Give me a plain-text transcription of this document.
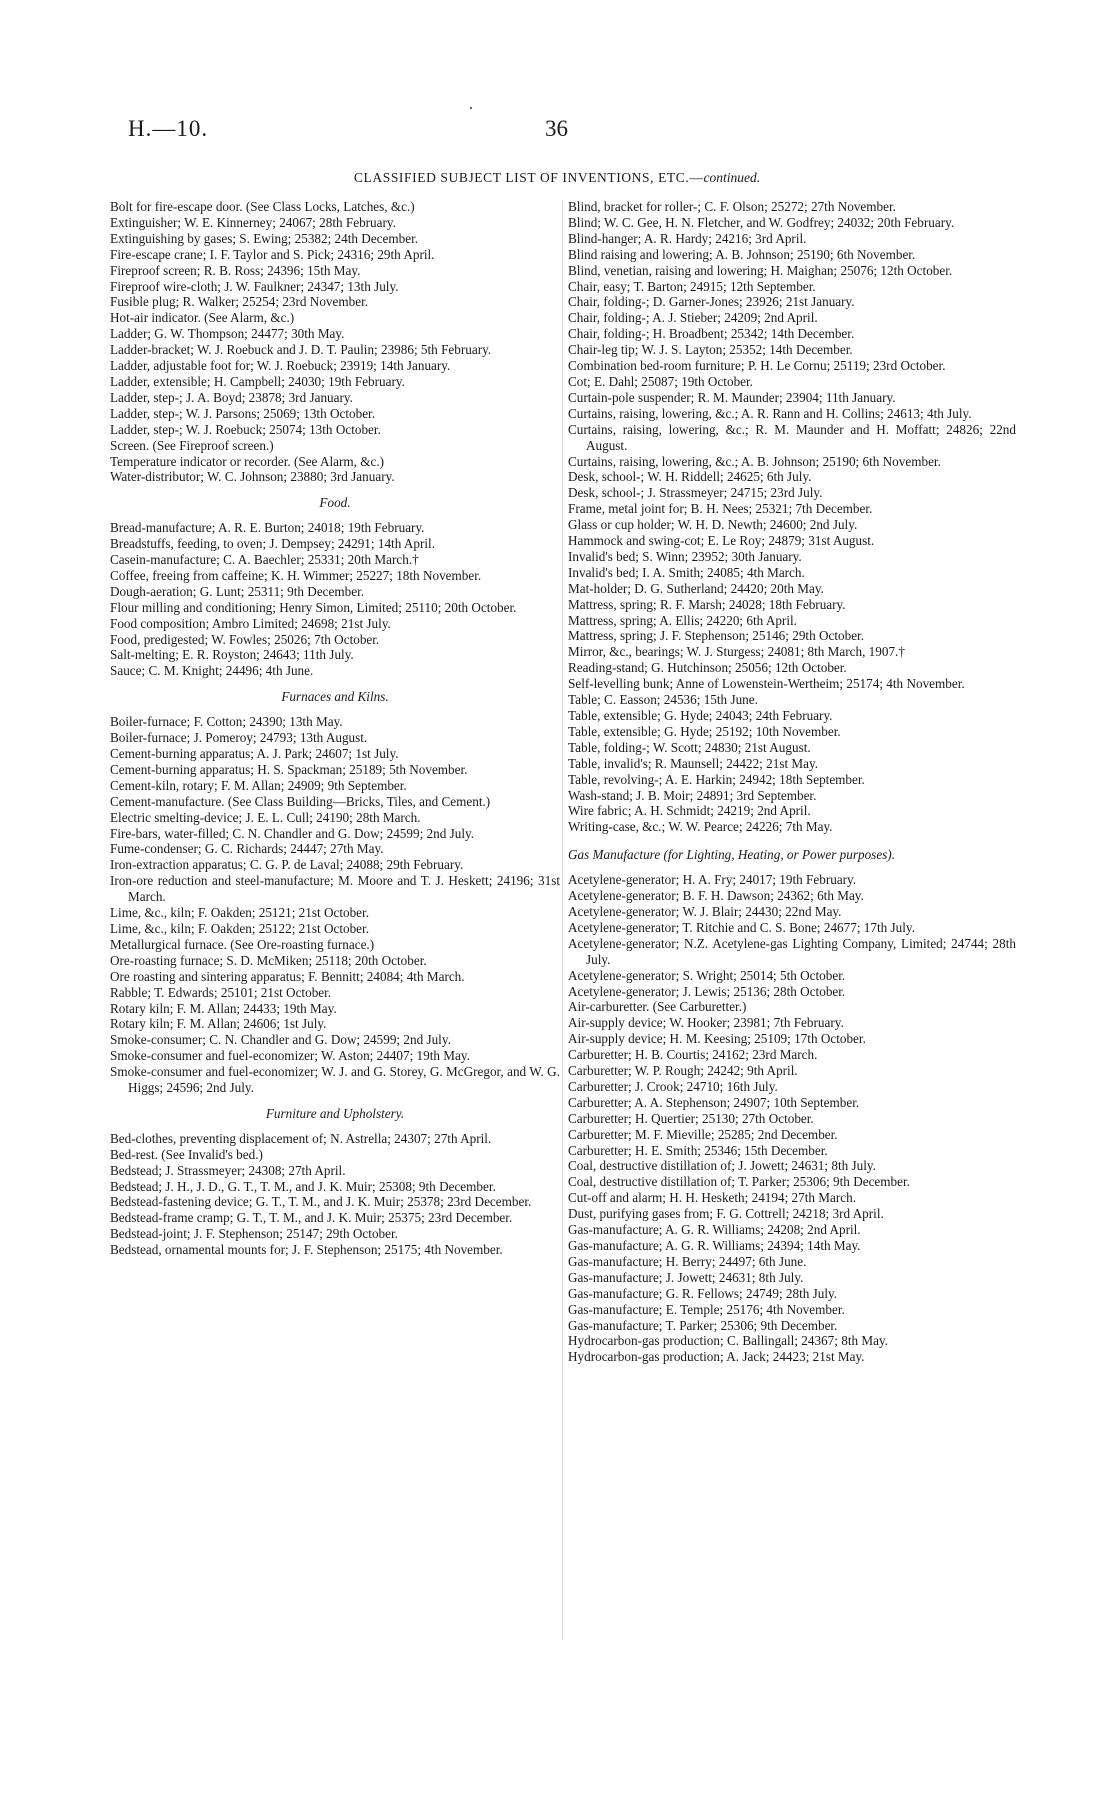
H.—10.	36
CLASSIFIED SUBJECT LIST OF INVENTIONS, ETC.—continued.
Bolt for fire-escape door. (See Class Locks, Latches, &c.)
Extinguisher; W. E. Kinnerney; 24067; 28th February.
Extinguishing by gases; S. Ewing; 25382; 24th December.
Fire-escape crane; I. F. Taylor and S. Pick; 24316; 29th April.
Fireproof screen; R. B. Ross; 24396; 15th May.
Fireproof wire-cloth; J. W. Faulkner; 24347; 13th July.
Fusible plug; R. Walker; 25254; 23rd November.
Hot-air indicator. (See Alarm, &c.)
Ladder; G. W. Thompson; 24477; 30th May.
Ladder-bracket; W. J. Roebuck and J. D. T. Paulin; 23986; 5th February.
Ladder, adjustable foot for; W. J. Roebuck; 23919; 14th January.
Ladder, extensible; H. Campbell; 24030; 19th February.
Ladder, step-; J. A. Boyd; 23878; 3rd January.
Ladder, step-; W. J. Parsons; 25069; 13th October.
Ladder, step-; W. J. Roebuck; 25074; 13th October.
Screen. (See Fireproof screen.)
Temperature indicator or recorder. (See Alarm, &c.)
Water-distributor; W. C. Johnson; 23880; 3rd January.
Food.
Bread-manufacture; A. R. E. Burton; 24018; 19th February.
Breadstuffs, feeding, to oven; J. Dempsey; 24291; 14th April.
Casein-manufacture; C. A. Baechler; 25331; 20th March.†
Coffee, freeing from caffeine; K. H. Wimmer; 25227; 18th November.
Dough-aeration; G. Lunt; 25311; 9th December.
Flour milling and conditioning; Henry Simon, Limited; 25110; 20th October.
Food composition; Ambro Limited; 24698; 21st July.
Food, predigested; W. Fowles; 25026; 7th October.
Salt-melting; E. R. Royston; 24643; 11th July.
Sauce; C. M. Knight; 24496; 4th June.
Furnaces and Kilns.
Boiler-furnace; F. Cotton; 24390; 13th May.
Boiler-furnace; J. Pomeroy; 24793; 13th August.
Cement-burning apparatus; A. J. Park; 24607; 1st July.
Cement-burning apparatus; H. S. Spackman; 25189; 5th November.
Cement-kiln, rotary; F. M. Allan; 24909; 9th September.
Cement-manufacture. (See Class Building—Bricks, Tiles, and Cement.)
Electric smelting-device; J. E. L. Cull; 24190; 28th March.
Fire-bars, water-filled; C. N. Chandler and G. Dow; 24599; 2nd July.
Fume-condenser; G. C. Richards; 24447; 27th May.
Iron-extraction apparatus; C. G. P. de Laval; 24088; 29th February.
Iron-ore reduction and steel-manufacture; M. Moore and T. J. Heskett; 24196; 31st March.
Lime, &c., kiln; F. Oakden; 25121; 21st October.
Lime, &c., kiln; F. Oakden; 25122; 21st October.
Metallurgical furnace. (See Ore-roasting furnace.)
Ore-roasting furnace; S. D. McMiken; 25118; 20th October.
Ore roasting and sintering apparatus; F. Bennitt; 24084; 4th March.
Rabble; T. Edwards; 25101; 21st October.
Rotary kiln; F. M. Allan; 24433; 19th May.
Rotary kiln; F. M. Allan; 24606; 1st July.
Smoke-consumer; C. N. Chandler and G. Dow; 24599; 2nd July.
Smoke-consumer and fuel-economizer; W. Aston; 24407; 19th May.
Smoke-consumer and fuel-economizer; W. J. and G. Storey, G. McGregor, and W. G. Higgs; 24596; 2nd July.
Furniture and Upholstery.
Bed-clothes, preventing displacement of; N. Astrella; 24307; 27th April.
Bed-rest. (See Invalid's bed.)
Bedstead; J. Strassmeyer; 24308; 27th April.
Bedstead; J. H., J. D., G. T., T. M., and J. K. Muir; 25308; 9th December.
Bedstead-fastening device; G. T., T. M., and J. K. Muir; 25378; 23rd December.
Bedstead-frame cramp; G. T., T. M., and J. K. Muir; 25375; 23rd December.
Bedstead-joint; J. F. Stephenson; 25147; 29th October.
Bedstead, ornamental mounts for; J. F. Stephenson; 25175; 4th November.
Blind, bracket for roller-; C. F. Olson; 25272; 27th November.
Blind; W. C. Gee, H. N. Fletcher, and W. Godfrey; 24032; 20th February.
Blind-hanger; A. R. Hardy; 24216; 3rd April.
Blind raising and lowering; A. B. Johnson; 25190; 6th November.
Blind, venetian, raising and lowering; H. Maighan; 25076; 12th October.
Chair, easy; T. Barton; 24915; 12th September.
Chair, folding-; D. Garner-Jones; 23926; 21st January.
Chair, folding-; A. J. Stieber; 24209; 2nd April.
Chair, folding-; H. Broadbent; 25342; 14th December.
Chair-leg tip; W. J. S. Layton; 25352; 14th December.
Combination bed-room furniture; P. H. Le Cornu; 25119; 23rd October.
Cot; E. Dahl; 25087; 19th October.
Curtain-pole suspender; R. M. Maunder; 23904; 11th January.
Curtains, raising, lowering, &c.; A. R. Rann and H. Collins; 24613; 4th July.
Curtains, raising, lowering, &c.; R. M. Maunder and H. Moffatt; 24826; 22nd August.
Curtains, raising, lowering, &c.; A. B. Johnson; 25190; 6th November.
Desk, school-; W. H. Riddell; 24625; 6th July.
Desk, school-; J. Strassmeyer; 24715; 23rd July.
Frame, metal joint for; B. H. Nees; 25321; 7th December.
Glass or cup holder; W. H. D. Newth; 24600; 2nd July.
Hammock and swing-cot; E. Le Roy; 24879; 31st August.
Invalid's bed; S. Winn; 23952; 30th January.
Invalid's bed; I. A. Smith; 24085; 4th March.
Mat-holder; D. G. Sutherland; 24420; 20th May.
Mattress, spring; R. F. Marsh; 24028; 18th February.
Mattress, spring; A. Ellis; 24220; 6th April.
Mattress, spring; J. F. Stephenson; 25146; 29th October.
Mirror, &c., bearings; W. J. Sturgess; 24081; 8th March, 1907.†
Reading-stand; G. Hutchinson; 25056; 12th October.
Self-levelling bunk; Anne of Lowenstein-Wertheim; 25174; 4th November.
Table; C. Easson; 24536; 15th June.
Table, extensible; G. Hyde; 24043; 24th February.
Table, extensible; G. Hyde; 25192; 10th November.
Table, folding-; W. Scott; 24830; 21st August.
Table, invalid's; R. Maunsell; 24422; 21st May.
Table, revolving-; A. E. Harkin; 24942; 18th September.
Wash-stand; J. B. Moir; 24891; 3rd September.
Wire fabric; A. H. Schmidt; 24219; 2nd April.
Writing-case, &c.; W. W. Pearce; 24226; 7th May.
Gas Manufacture (for Lighting, Heating, or Power purposes).
Acetylene-generator; H. A. Fry; 24017; 19th February.
Acetylene-generator; B. F. H. Dawson; 24362; 6th May.
Acetylene-generator; W. J. Blair; 24430; 22nd May.
Acetylene-generator; T. Ritchie and C. S. Bone; 24677; 17th July.
Acetylene-generator; N.Z. Acetylene-gas Lighting Company, Limited; 24744; 28th July.
Acetylene-generator; S. Wright; 25014; 5th October.
Acetylene-generator; J. Lewis; 25136; 28th October.
Air-carburetter. (See Carburetter.)
Air-supply device; W. Hooker; 23981; 7th February.
Air-supply device; H. M. Keesing; 25109; 17th October.
Carburetter; H. B. Courtis; 24162; 23rd March.
Carburetter; W. P. Rough; 24242; 9th April.
Carburetter; J. Crook; 24710; 16th July.
Carburetter; A. A. Stephenson; 24907; 10th September.
Carburetter; H. Quertier; 25130; 27th October.
Carburetter; M. F. Mieville; 25285; 2nd December.
Carburetter; H. E. Smith; 25346; 15th December.
Coal, destructive distillation of; J. Jowett; 24631; 8th July.
Coal, destructive distillation of; T. Parker; 25306; 9th December.
Cut-off and alarm; H. H. Hesketh; 24194; 27th March.
Dust, purifying gases from; F. G. Cottrell; 24218; 3rd April.
Gas-manufacture; A. G. R. Williams; 24208; 2nd April.
Gas-manufacture; A. G. R. Williams; 24394; 14th May.
Gas-manufacture; H. Berry; 24497; 6th June.
Gas-manufacture; J. Jowett; 24631; 8th July.
Gas-manufacture; G. R. Fellows; 24749; 28th July.
Gas-manufacture; E. Temple; 25176; 4th November.
Gas-manufacture; T. Parker; 25306; 9th December.
Hydrocarbon-gas production; C. Ballingall; 24367; 8th May.
Hydrocarbon-gas production; A. Jack; 24423; 21st May.
